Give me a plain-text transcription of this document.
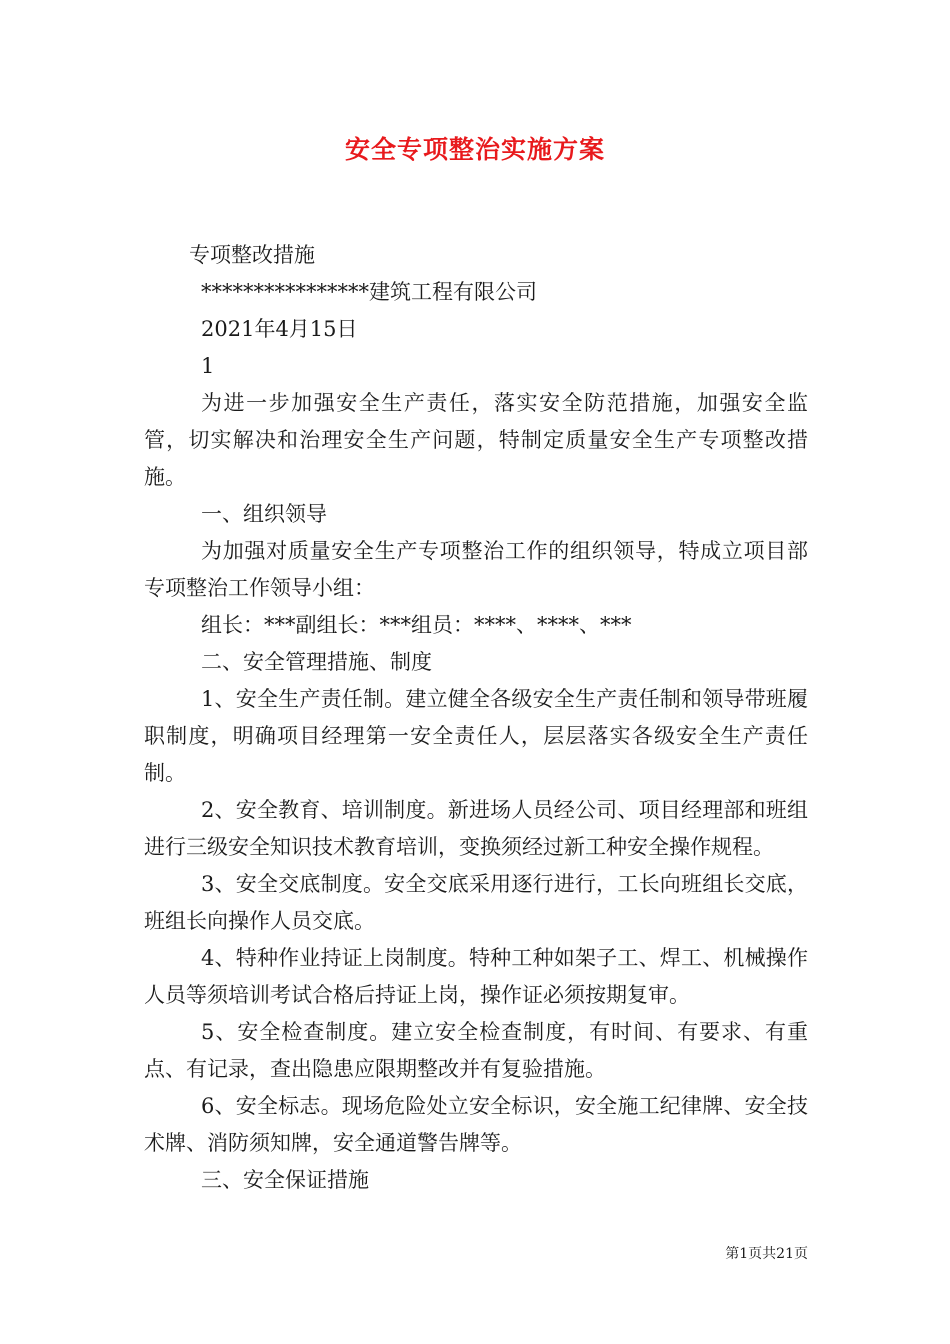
安全专项整治实施方案

专项整改措施

****************建筑工程有限公司

2021年4月15日

1

为进一步加强安全生产责任，落实安全防范措施，加强安全监管，切实解决和治理安全生产问题，特制定质量安全生产专项整改措施。

一、组织领导

为加强对质量安全生产专项整治工作的组织领导，特成立项目部专项整治工作领导小组：

组长：***副组长：***组员：****、****、***

二、安全管理措施、制度

1、安全生产责任制。建立健全各级安全生产责任制和领导带班履职制度，明确项目经理第一安全责任人，层层落实各级安全生产责任制。

2、安全教育、培训制度。新进场人员经公司、项目经理部和班组进行三级安全知识技术教育培训，变换须经过新工种安全操作规程。

3、安全交底制度。安全交底采用逐行进行，工长向班组长交底，班组长向操作人员交底。

4、特种作业持证上岗制度。特种工种如架子工、焊工、机械操作人员等须培训考试合格后持证上岗，操作证必须按期复审。

5、安全检查制度。建立安全检查制度，有时间、有要求、有重点、有记录，查出隐患应限期整改并有复验措施。

6、安全标志。现场危险处立安全标识，安全施工纪律牌、安全技术牌、消防须知牌，安全通道警告牌等。

三、安全保证措施

第1页共21页
